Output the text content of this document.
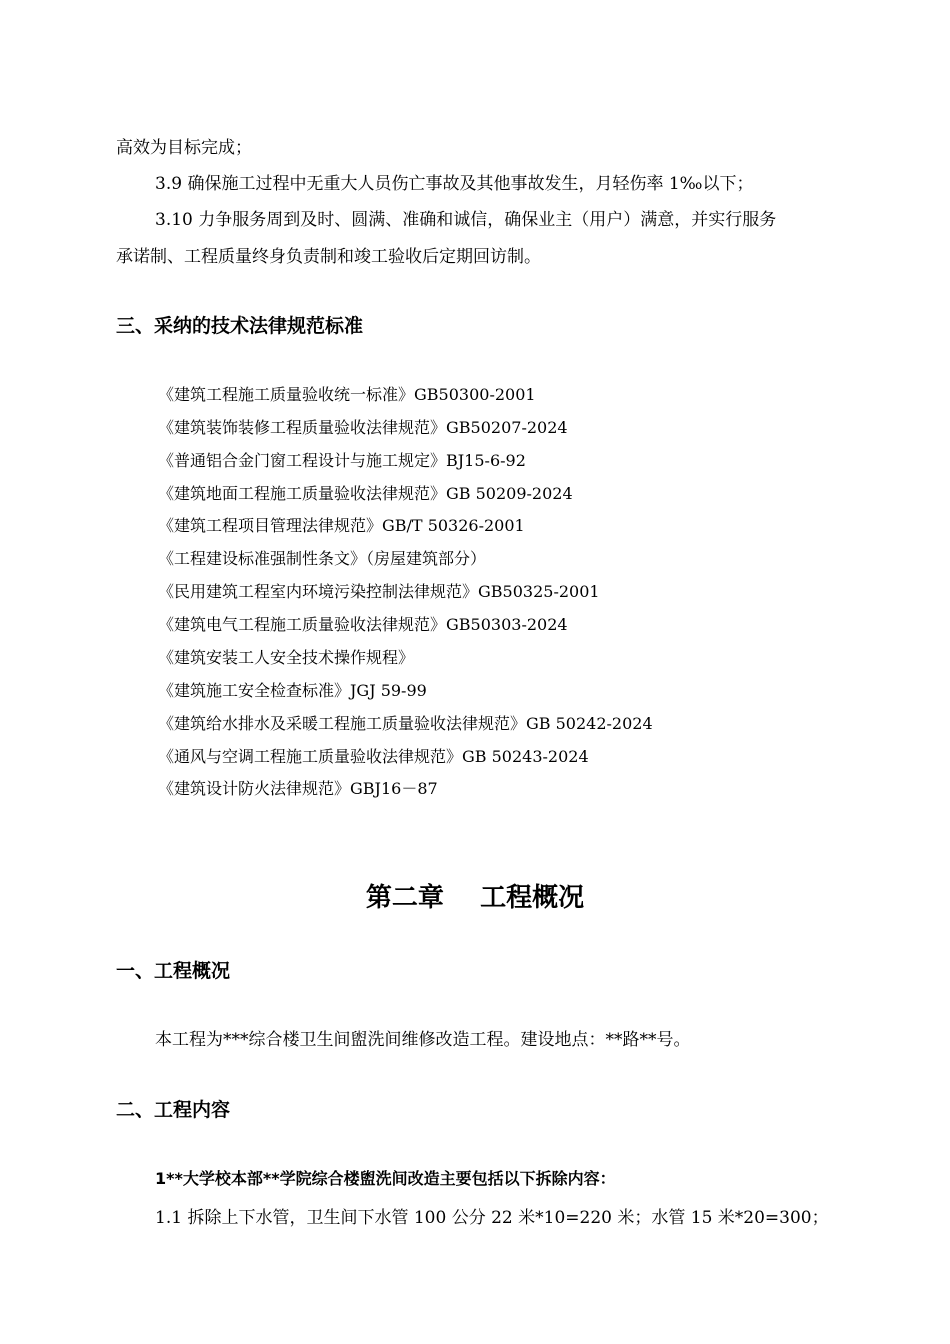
高效为目标完成；
3.9 确保施工过程中无重大人员伤亡事故及其他事故发生，月轻伤率 1‰以下；
3.10 力争服务周到及时、圆满、准确和诚信，确保业主（用户）满意，并实行服务
承诺制、工程质量终身负责制和竣工验收后定期回访制。
三、采纳的技术法律规范标准
《建筑工程施工质量验收统一标准》GB50300-2001
《建筑装饰装修工程质量验收法律规范》GB50207-2024
《普通铝合金门窗工程设计与施工规定》BJ15-6-92
《建筑地面工程施工质量验收法律规范》GB 50209-2024
《建筑工程项目管理法律规范》GB/T 50326-2001
《工程建设标准强制性条文》（房屋建筑部分）
《民用建筑工程室内环境污染控制法律规范》GB50325-2001
《建筑电气工程施工质量验收法律规范》GB50303-2024
《建筑安装工人安全技术操作规程》
《建筑施工安全检查标准》JGJ 59-99
《建筑给水排水及采暖工程施工质量验收法律规范》GB 50242-2024
《通风与空调工程施工质量验收法律规范》GB 50243-2024
《建筑设计防火法律规范》GBJ16－87
第二章    工程概况
一、工程概况
本工程为***综合楼卫生间盥洗间维修改造工程。建设地点：**路**号。
二、工程内容
1**大学校本部**学院综合楼盥洗间改造主要包括以下拆除内容：
1.1 拆除上下水管，卫生间下水管 100 公分 22 米*10=220 米；水管 15 米*20=300；
